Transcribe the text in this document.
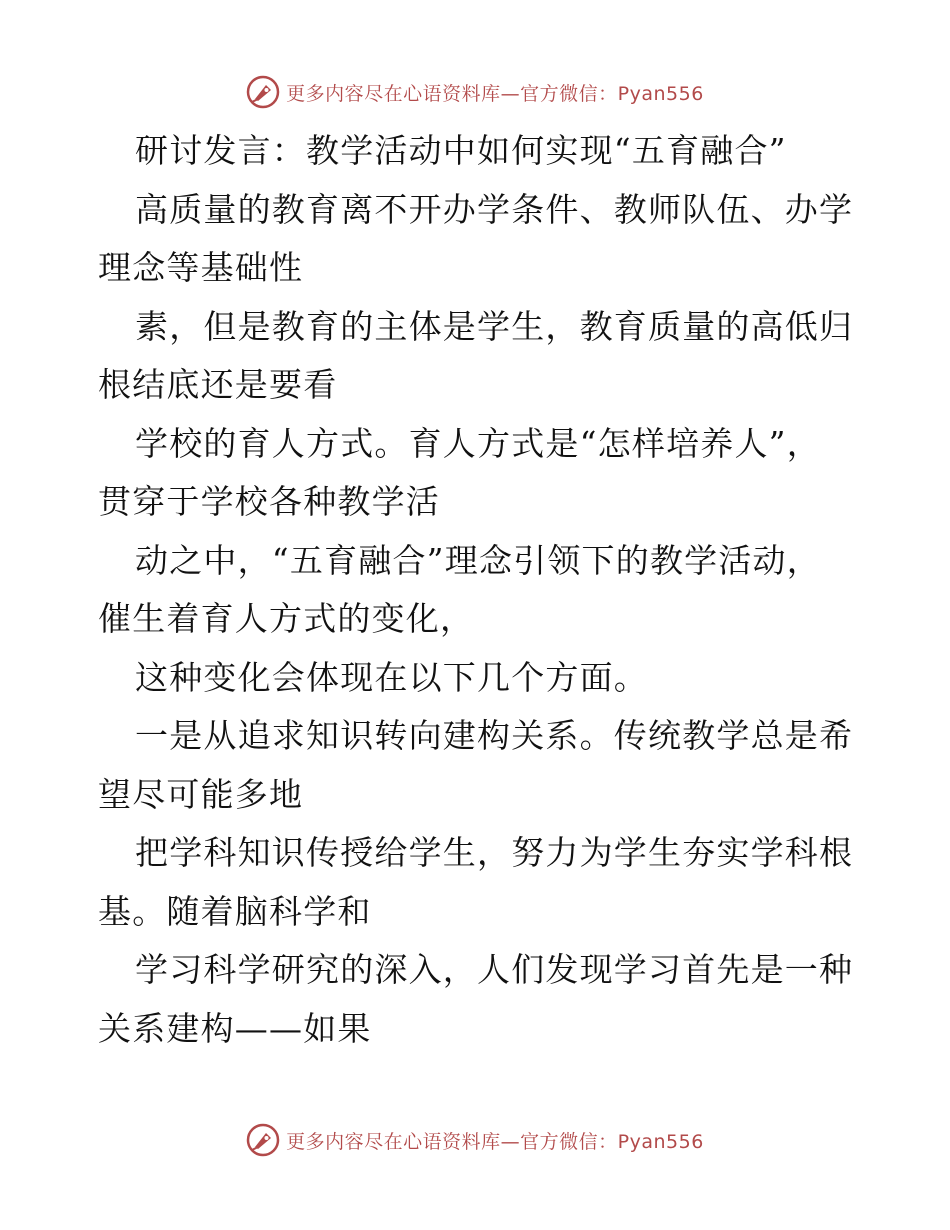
更多内容尽在心语资料库—官方微信：Pyan556
研讨发言：教学活动中如何实现“五育融合”
高质量的教育离不开办学条件、教师队伍、办学
理念等基础性
素，但是教育的主体是学生，教育质量的高低归
根结底还是要看
学校的育人方式。育人方式是“怎样培养人”，
贯穿于学校各种教学活
动之中，“五育融合”理念引领下的教学活动，
催生着育人方式的变化，
这种变化会体现在以下几个方面。
一是从追求知识转向建构关系。传统教学总是希
望尽可能多地
把学科知识传授给学生，努力为学生夯实学科根
基。随着脑科学和
学习科学研究的深入，人们发现学习首先是一种
关系建构——如果
更多内容尽在心语资料库—官方微信：Pyan556
